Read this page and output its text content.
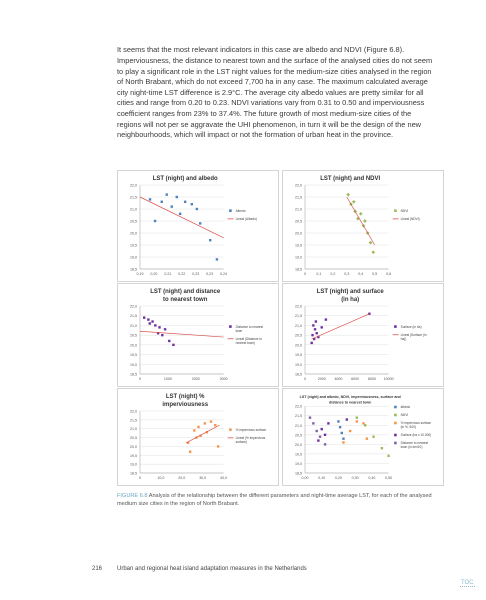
It seems that the most relevant indicators in this case are albedo and NDVI (Figure 6.8). Imperviousness, the distance to nearest town and the surface of the analysed cities do not seem to play a significant role in the LST night values for the medium-size cities analysed in the region of North Brabant, which do not exceed 7,700 ha in any case. The maximum calculated average city night-time LST difference is 2.9°C. The average city albedo values are pretty similar for all cities and range from 0.20 to 0.23. NDVI variations vary from 0.31 to 0.50 and imperviousness coefficient ranges from 23% to 37.4%. The future growth of most medium-size cities of the regions will not per se aggravate the UHI phenomenon, in turn it will be the design of the new neighbourhoods, which will impact or not the formation of urban heat in the province.

LST (night) and albedo
22,0
21,5
21,0
20,5
20,0
19,5
19,0
18,5
0,19 0,20 0,21 0,22 0,23 0,23 0,24
Albedo
Lineal (Albedo)
LST (night) and NDVI
22,0
21,5
21,0
20,5
20,0
19,5
19,0
18,5
0	0,1 0,2 0,3 0,4 0,5 0,6
NDVI
Lineal (NDVI)
LST (night) and distance to nearest town
22,0
21,5
21,0
20,5
20,0
19,5
19,0
18,5
0	1000	2000	3000
Distance to nearest town
Lineal (Distance to nearest town)
LST (night) and surface (in ha)
22,0
21,5
21,0
20,5
20,0
19,5
19,0
18,5
0	2000 4000 6000 8000 10000
Surface (in ha)
Lineal (Surface (in ha))
LST (night) % imperviousness
22,0
21,5
21,0
20,5
20,0
19,5
19,0
18,5
0	10,0	20,0	30,0	40,0
% impervious surface
Lineal (% impervious surface)
LST (night) and albedo, NDVI, imperviousness, surface and distance to nearest town
22,0
21,5
21,0
20,5
20,0
19,5
19,0
18,5
0,00	0,10	0,20	0,30	0,40	0,50
albedo
NDVI
% impervious surface (in % /100)
Surface (ha x 10.000)
Distance to nearest town (in km/10)
FIGURE 6.8 Analysis of the relationship between the different parameters and night-time average LST, for each of the analysed medium size cities in the region of North Brabant.
216 Urban and regional heat island adaptation measures in the Netherlands
TOC
